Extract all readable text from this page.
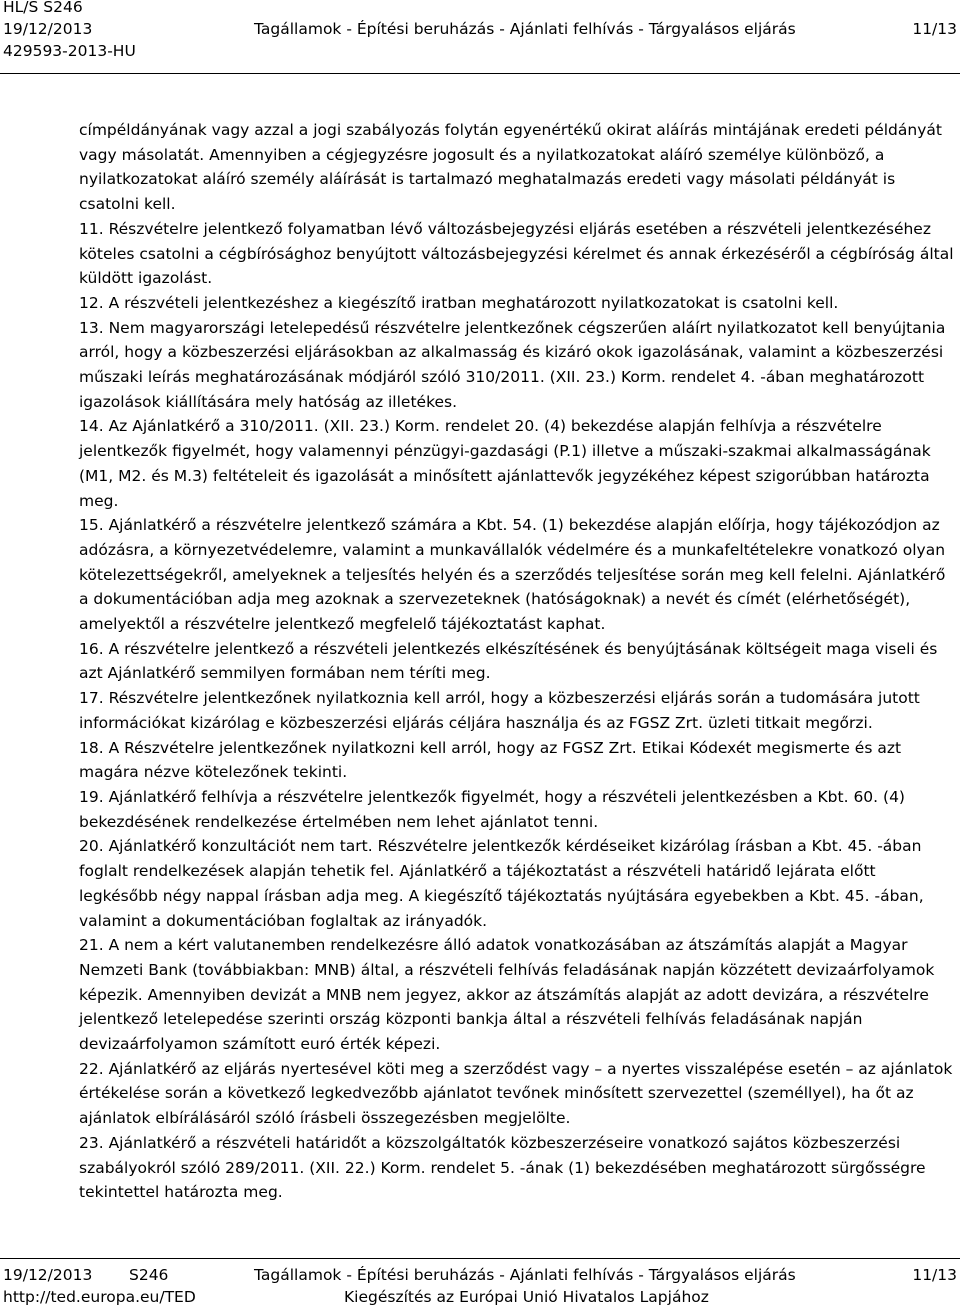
HL/S S246
19/12/2013	Tagállamok - Építési beruházás - Ajánlati felhívás - Tárgyalásos eljárás	11/13
429593-2013-HU

címpéldányának vagy azzal a jogi szabályozás folytán egyenértékű okirat aláírás mintájának eredeti példányát vagy másolatát. Amennyiben a cégjegyzésre jogosult és a nyilatkozatokat aláíró személye különböző, a nyilatkozatokat aláíró személy aláírását is tartalmazó meghatalmazás eredeti vagy másolati példányát is csatolni kell.

11. Részvételre jelentkező folyamatban lévő változásbejegyzési eljárás esetében a részvételi jelentkezéséhez köteles csatolni a cégbírósághoz benyújtott változásbejegyzési kérelmet és annak érkezéséről a cégbíróság által küldött igazolást.

12. A részvételi jelentkezéshez a kiegészítő iratban meghatározott nyilatkozatokat is csatolni kell.

13. Nem magyarországi letelepedésű részvételre jelentkezőnek cégszerűen aláírt nyilatkozatot kell benyújtania arról, hogy a közbeszerzési eljárásokban az alkalmasság és kizáró okok igazolásának, valamint a közbeszerzési műszaki leírás meghatározásának módjáról szóló 310/2011. (XII. 23.) Korm. rendelet 4. -ában meghatározott igazolások kiállítására mely hatóság az illetékes.

14. Az Ajánlatkérő a 310/2011. (XII. 23.) Korm. rendelet 20. (4) bekezdése alapján felhívja a részvételre jelentkezők figyelmét, hogy valamennyi pénzügyi-gazdasági (P.1) illetve a műszaki-szakmai alkalmasságának (M1, M2. és M.3) feltételeit és igazolását a minősített ajánlattevők jegyzékéhez képest szigorúbban határozta meg.

15. Ajánlatkérő a részvételre jelentkező számára a Kbt. 54. (1) bekezdése alapján előírja, hogy tájékozódjon az adózásra, a környezetvédelemre, valamint a munkavállalók védelmére és a munkafeltételekre vonatkozó olyan kötelezettségekről, amelyeknek a teljesítés helyén és a szerződés teljesítése során meg kell felelni. Ajánlatkérő a dokumentációban adja meg azoknak a szervezeteknek (hatóságoknak) a nevét és címét (elérhetőségét), amelyektől a részvételre jelentkező megfelelő tájékoztatást kaphat.

16. A részvételre jelentkező a részvételi jelentkezés elkészítésének és benyújtásának költségeit maga viseli és azt Ajánlatkérő semmilyen formában nem téríti meg.

17. Részvételre jelentkezőnek nyilatkoznia kell arról, hogy a közbeszerzési eljárás során a tudomására jutott információkat kizárólag e közbeszerzési eljárás céljára használja és az FGSZ Zrt. üzleti titkait megőrzi.

18. A Részvételre jelentkezőnek nyilatkozni kell arról, hogy az FGSZ Zrt. Etikai Kódexét megismerte és azt magára nézve kötelezőnek tekinti.

19. Ajánlatkérő felhívja a részvételre jelentkezők figyelmét, hogy a részvételi jelentkezésben a Kbt. 60. (4) bekezdésének rendelkezése értelmében nem lehet ajánlatot tenni.

20. Ajánlatkérő konzultációt nem tart. Részvételre jelentkezők kérdéseiket kizárólag írásban a Kbt. 45. -ában foglalt rendelkezések alapján tehetik fel. Ajánlatkérő a tájékoztatást a részvételi határidő lejárata előtt legkésőbb négy nappal írásban adja meg. A kiegészítő tájékoztatás nyújtására egyebekben a Kbt. 45. -ában, valamint a dokumentációban foglaltak az irányadók.

21. A nem a kért valutanemben rendelkezésre álló adatok vonatkozásában az átszámítás alapját a Magyar Nemzeti Bank (továbbiakban: MNB) által, a részvételi felhívás feladásának napján közzétett devizaárfolyamok képezik. Amennyiben devizát a MNB nem jegyez, akkor az átszámítás alapját az adott devizára, a részvételre jelentkező letelepedése szerinti ország központi bankja által a részvételi felhívás feladásának napján devizaárfolyamon számított euró érték képezi.

22. Ajánlatkérő az eljárás nyertesével köti meg a szerződést vagy – a nyertes visszalépése esetén – az ajánlatok értékelése során a következő legkedvezőbb ajánlatot tevőnek minősített szervezettel (személlyel), ha őt az ajánlatok elbírálásáról szóló írásbeli összegezésben megjelölte.

23. Ajánlatkérő a részvételi határidőt a közszolgáltatók közbeszerzéseire vonatkozó sajátos közbeszerzési szabályokról szóló 289/2011. (XII. 22.) Korm. rendelet 5. -ának (1) bekezdésében meghatározott sürgősségre tekintettel határozta meg.

19/12/2013 S246	Tagállamok - Építési beruházás - Ajánlati felhívás - Tárgyalásos eljárás	11/13
http://ted.europa.eu/TED	Kiegészítés az Európai Unió Hivatalos Lapjához
